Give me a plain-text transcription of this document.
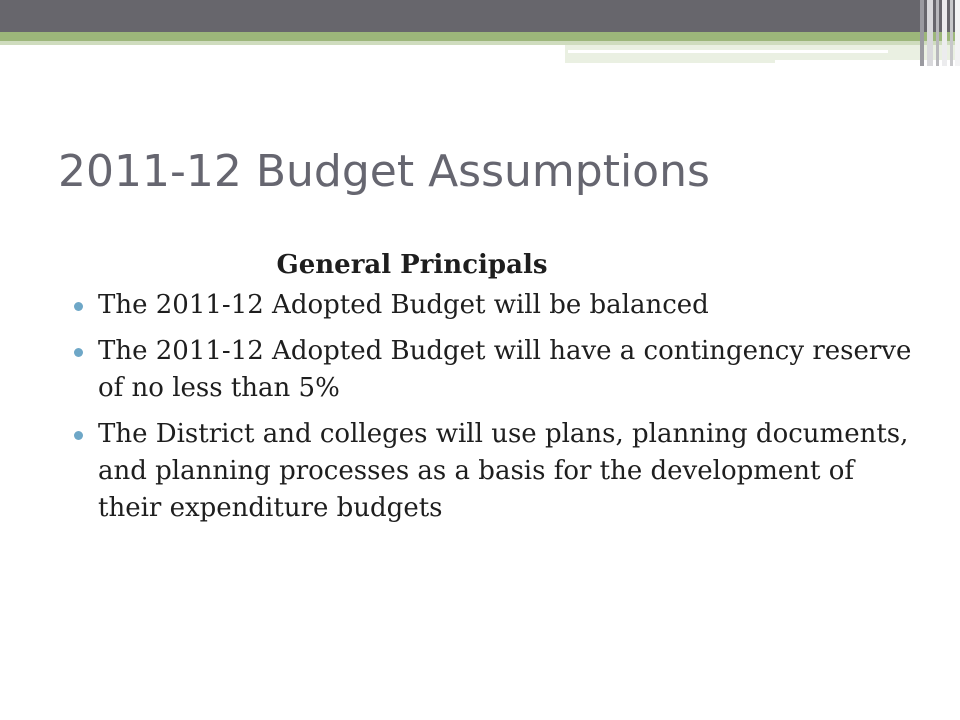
2011-12 Budget Assumptions

General Principals

The 2011-12 Adopted Budget will be balanced
The 2011-12 Adopted Budget will have a contingency reserve of no less than 5%
The District and colleges will use plans, planning documents, and planning processes as a basis for the development of their expenditure budgets
